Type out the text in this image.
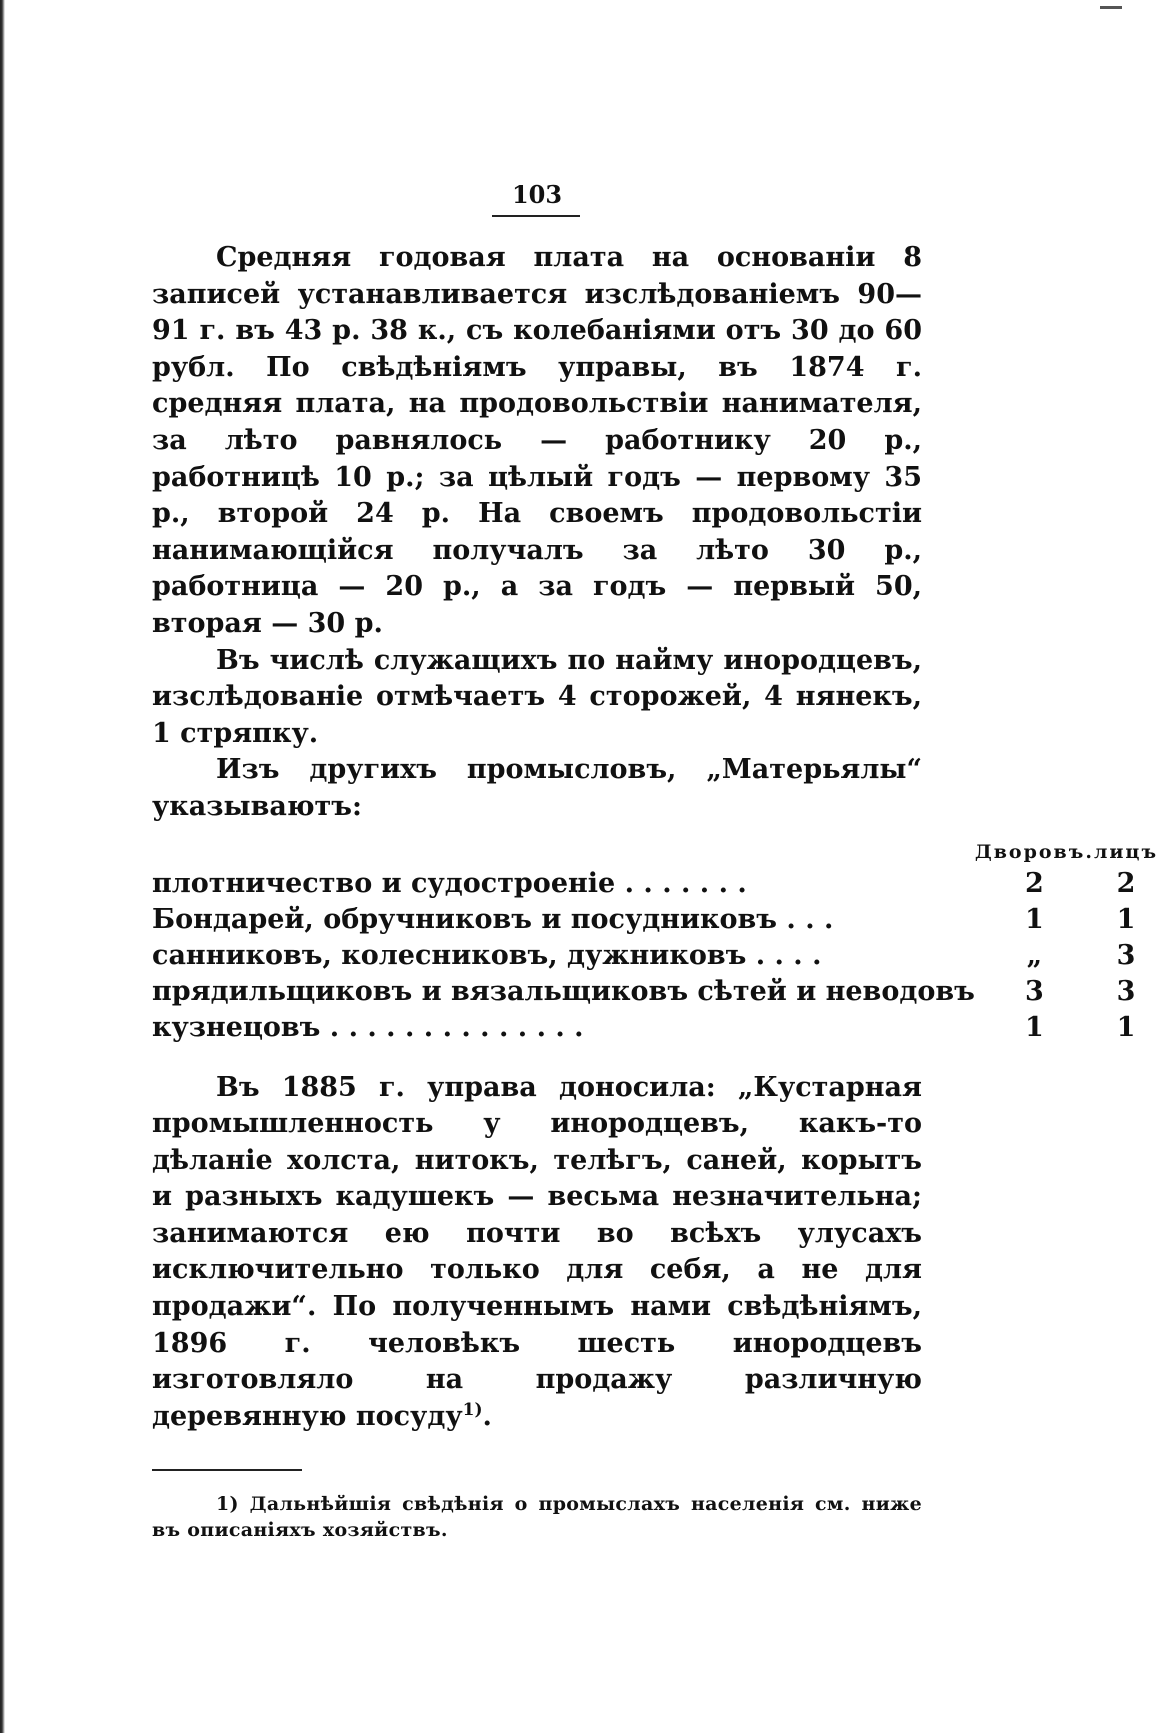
103

Средняя годовая плата на основаніи 8 записей устанавливается изслѣдованіемъ 90—91 г. въ 43 р. 38 к., съ колебаніями отъ 30 до 60 рубл. По свѣдѣніямъ управы, въ 1874 г. средняя плата, на продовольствіи нанимателя, за лѣто равнялось — работнику 20 р., работницѣ 10 р.; за цѣлый годъ — первому 35 р., второй 24 р. На своемъ продовольстіи нанимающійся получалъ за лѣто 30 р., работница — 20 р., а за годъ — первый 50, вторая — 30 р.

Въ числѣ служащихъ по найму инородцевъ, изслѣдованіе отмѣчаетъ 4 сторожей, 4 нянекъ, 1 стряпку.

Изъ другихъ промысловъ, „Матерьялы“ указываютъ:

	Дворовъ.	лицъ
плотничество и судостроеніе . . . . . . .	2	2
Бондарей, обручниковъ и посудниковъ . . .	1	1
санниковъ, колесниковъ, дужниковъ . . . .	„	3
прядильщиковъ и вязальщиковъ сѣтей и неводовъ	3	3
кузнецовъ . . . . . . . . . . . . . .	1	1

Въ 1885 г. управа доносила: „Кустарная промышленность у инородцевъ, какъ-то дѣланіе холста, нитокъ, телѣгъ, саней, корытъ и разныхъ кадушекъ — весьма незначительна; занимаются ею почти во всѣхъ улусахъ исключительно только для себя, а не для продажи“. По полученнымъ нами свѣдѣніямъ, 1896 г. человѣкъ шесть инородцевъ изготовляло на продажу различную деревянную посуду$^{1)}$.

1) Дальнѣйшія свѣдѣнія о промыслахъ населенія см. ниже въ описаніяхъ хозяйствъ.
